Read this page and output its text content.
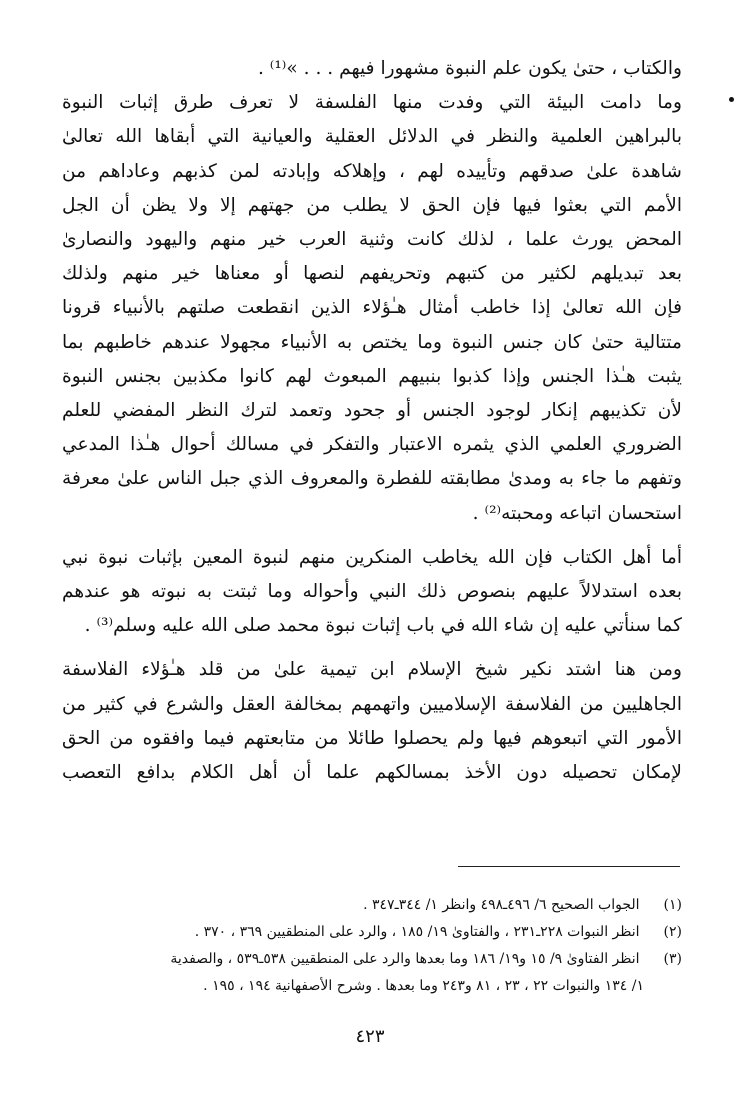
والكتاب ، حتىٰ يكون علم النبوة مشهورا فيهم . . . »⁽¹⁾ .
وما دامت البيئة التي وفدت منها الفلسفة لا تعرف طرق إثبات النبوة
بالبراهين العلمية والنظر في الدلائل العقلية والعيانية التي أبقاها الله تعالىٰ
شاهدة علىٰ صدقهم وتأييده لهم ، وإهلاكه وإبادته لمن كذبهم وعاداهم من
الأمم التي بعثوا فيها فإن الحق لا يطلب من جهتهم إلا ولا يظن أن الجل
المحض يورث علما ، لذلك كانت وثنية العرب خير منهم واليهود والنصارىٰ
بعد تبديلهم لكثير من كتبهم وتحريفهم لنصها أو معناها خير منهم ولذلك
فإن الله تعالىٰ إذا خاطب أمثال هـٰؤلاء الذين انقطعت صلتهم بالأنبياء قرونا
متتالية حتىٰ كان جنس النبوة وما يختص به الأنبياء مجهولا عندهم خاطبهم بما
يثبت هـٰذا الجنس وإذا كذبوا بنبيهم المبعوث لهم كانوا مكذبين بجنس النبوة
لأن تكذيبهم إنكار لوجود الجنس أو جحود وتعمد لترك النظر المفضي للعلم
الضروري العلمي الذي يثمره الاعتبار والتفكر في مسالك أحوال هـٰذا المدعي
وتفهم ما جاء به ومدىٰ مطابقته للفطرة والمعروف الذي جبل الناس علىٰ معرفة
استحسان اتباعه ومحبته⁽²⁾ .
أما أهل الكتاب فإن الله يخاطب المنكرين منهم لنبوة المعين بإثبات نبوة نبي
بعده استدلالاً عليهم بنصوص ذلك النبي وأحواله وما ثبتت به نبوته هو عندهم
كما سنأتي عليه إن شاء الله في باب إثبات نبوة محمد صلى الله عليه وسلم⁽³⁾ .
ومن هنا اشتد نكير شيخ الإسلام ابن تيمية علىٰ من قلد هـٰؤلاء الفلاسفة
الجاهليين من الفلاسفة الإسلاميين واتهمهم بمخالفة العقل والشرع في كثير من
الأمور التي اتبعوهم فيها ولم يحصلوا طائلا من متابعتهم فيما وافقوه من الحق
لإمكان تحصيله دون الأخذ بمسالكهم علما أن أهل الكلام بدافع التعصب
(١) الجواب الصحيح ٦/ ٤٩٦ـ٤٩٨ وانظر ١/ ٣٤٤ـ٣٤٧ .
(٢) انظر النبوات ٢٢٨ـ٢٣١ ، والفتاوىٰ ١٩/ ١٨٥ ، والرد على المنطقيين ٣٦٩ ، ٣٧٠ .
(٣) انظر الفتاوىٰ ٩/ ١٥ و١٩/ ١٨٦ وما بعدها والرد على المنطقيين ٥٣٨ـ٥٣٩ ، والصفدية
١/ ١٣٤ والنبوات ٢٢ ، ٢٣ ، ٨١ و٢٤٣ وما بعدها . وشرح الأصفهانية ١٩٤ ، ١٩٥ .
٤٢٣
